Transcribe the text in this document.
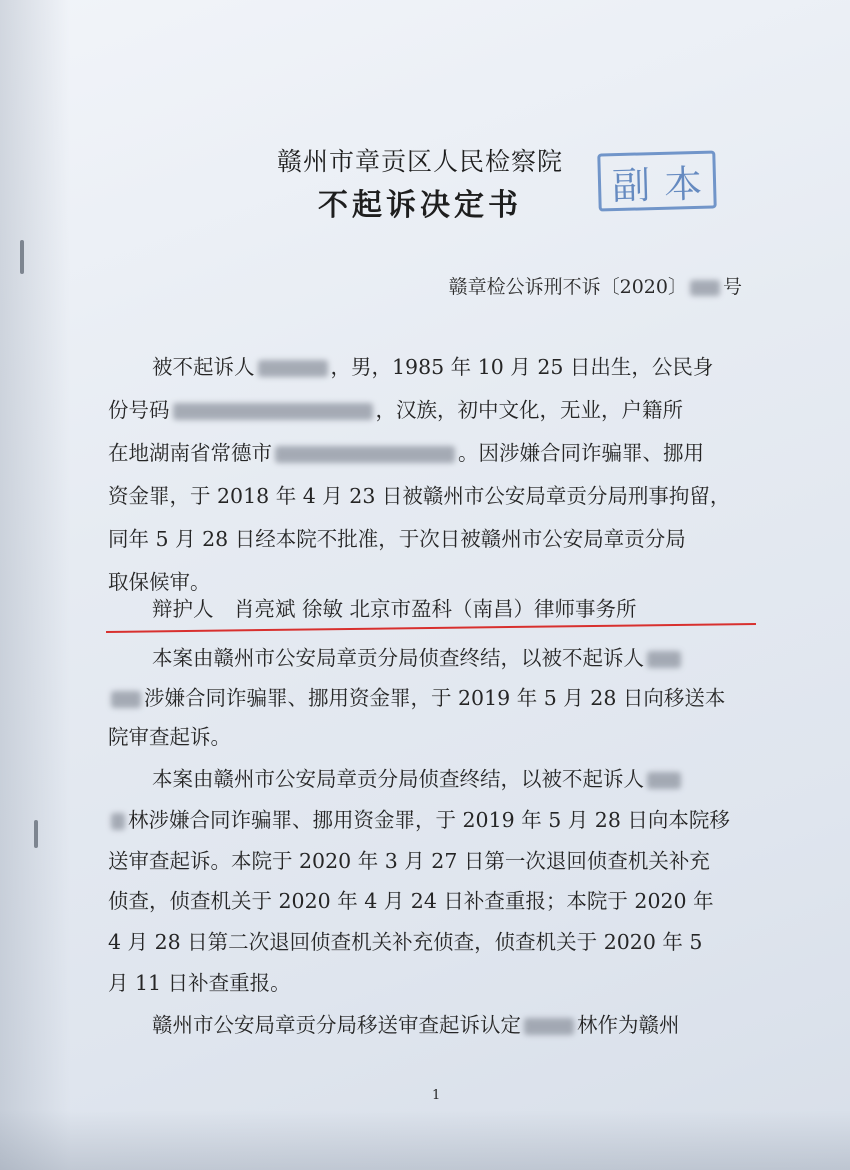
赣州市章贡区人民检察院
不起诉决定书	副 本
赣章检公诉刑不诉〔2020〕 号
被不起诉人	，男，1985 年 10 月 25 日出生，公民身
份号码	，汉族，初中文化，无业，户籍所
在地湖南省常德市	。因涉嫌合同诈骗罪、挪用
资金罪，于 2018 年 4 月 23 日被赣州市公安局章贡分局刑事拘留，
同年 5 月 28 日经本院不批准，于次日被赣州市公安局章贡分局
取保候审。
辩护人　肖亮斌 徐敏 北京市盈科（南昌）律师事务所
本案由赣州市公安局章贡分局侦查终结，以被不起诉人
涉嫌合同诈骗罪、挪用资金罪，于 2019 年 5 月 28 日向移送本
院审查起诉。
本案由赣州市公安局章贡分局侦查终结，以被不起诉人
林涉嫌合同诈骗罪、挪用资金罪，于 2019 年 5 月 28 日向本院移
送审查起诉。本院于 2020 年 3 月 27 日第一次退回侦查机关补充
侦查，侦查机关于 2020 年 4 月 24 日补查重报；本院于 2020 年
4 月 28 日第二次退回侦查机关补充侦查，侦查机关于 2020 年 5
月 11 日补查重报。
赣州市公安局章贡分局移送审查起诉认定	林作为赣州
1
